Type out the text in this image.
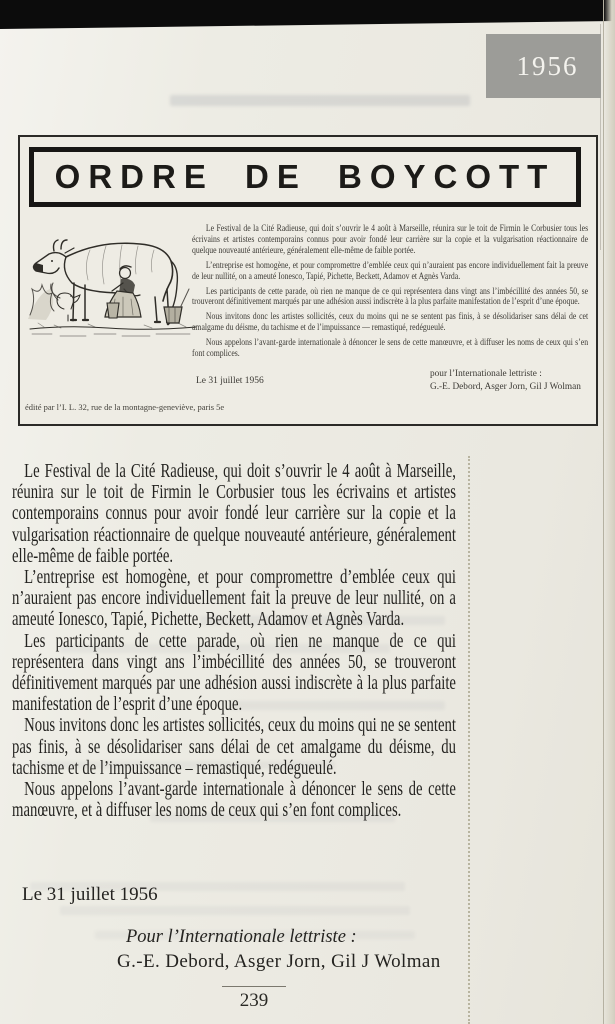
1956
ORDRE DE BOYCOTT

Le Festival de la Cité Radieuse, qui doit s’ouvrir le 4 août à Marseille, réunira sur le toit de Firmin le Corbusier tous les écrivains et artistes contemporains connus pour avoir fondé leur carrière sur la copie et la vulgarisation réactionnaire de quelque nouveauté antérieure, généralement elle-même de faible portée.

L’entreprise est homogène, et pour compromettre d’emblée ceux qui n’auraient pas encore individuellement fait la preuve de leur nullité, on a ameuté Ionesco, Tapié, Pichette, Beckett, Adamov et Agnès Varda.

Les participants de cette parade, où rien ne manque de ce qui représentera dans vingt ans l’imbécillité des années 50, se trouveront définitivement marqués par une adhésion aussi indiscrète à la plus parfaite manifestation de l’esprit d’une époque.

Nous invitons donc les artistes sollicités, ceux du moins qui ne se sentent pas finis, à se désolidariser sans délai de cet amalgame du déisme, du tachisme et de l’impuissance — remastiqué, redégueulé.

Nous appelons l’avant-garde internationale à dénoncer le sens de cette manœuvre, et à diffuser les noms de ceux qui s’en font complices.

Le 31 juillet 1956
pour l’Internationale lettriste :
G.-E. Debord, Asger Jorn, Gil J Wolman
édité par l’I. L. 32, rue de la montagne-geneviève, paris 5e

Le Festival de la Cité Radieuse, qui doit s’ouvrir le 4 août à Marseille, réunira sur le toit de Firmin le Corbusier tous les écrivains et artistes contemporains connus pour avoir fondé leur carrière sur la copie et la vulgarisation réactionnaire de quelque nouveauté antérieure, généralement elle-même de faible portée.

L’entreprise est homogène, et pour compromettre d’emblée ceux qui n’auraient pas encore individuellement fait la preuve de leur nullité, on a ameuté Ionesco, Tapié, Pichette, Beckett, Adamov et Agnès Varda.

Les participants de cette parade, où rien ne manque de ce qui représentera dans vingt ans l’imbécillité des années 50, se trouveront définitivement marqués par une adhésion aussi indiscrète à la plus parfaite manifestation de l’esprit d’une époque.

Nous invitons donc les artistes sollicités, ceux du moins qui ne se sentent pas finis, à se désolidariser sans délai de cet amalgame du déisme, du tachisme et de l’impuissance – remastiqué, redégueulé.

Nous appelons l’avant-garde internationale à dénoncer le sens de cette manœuvre, et à diffuser les noms de ceux qui s’en font complices.

Le 31 juillet 1956
Pour l’Internationale lettriste :
G.-E. Debord, Asger Jorn, Gil J Wolman
239
